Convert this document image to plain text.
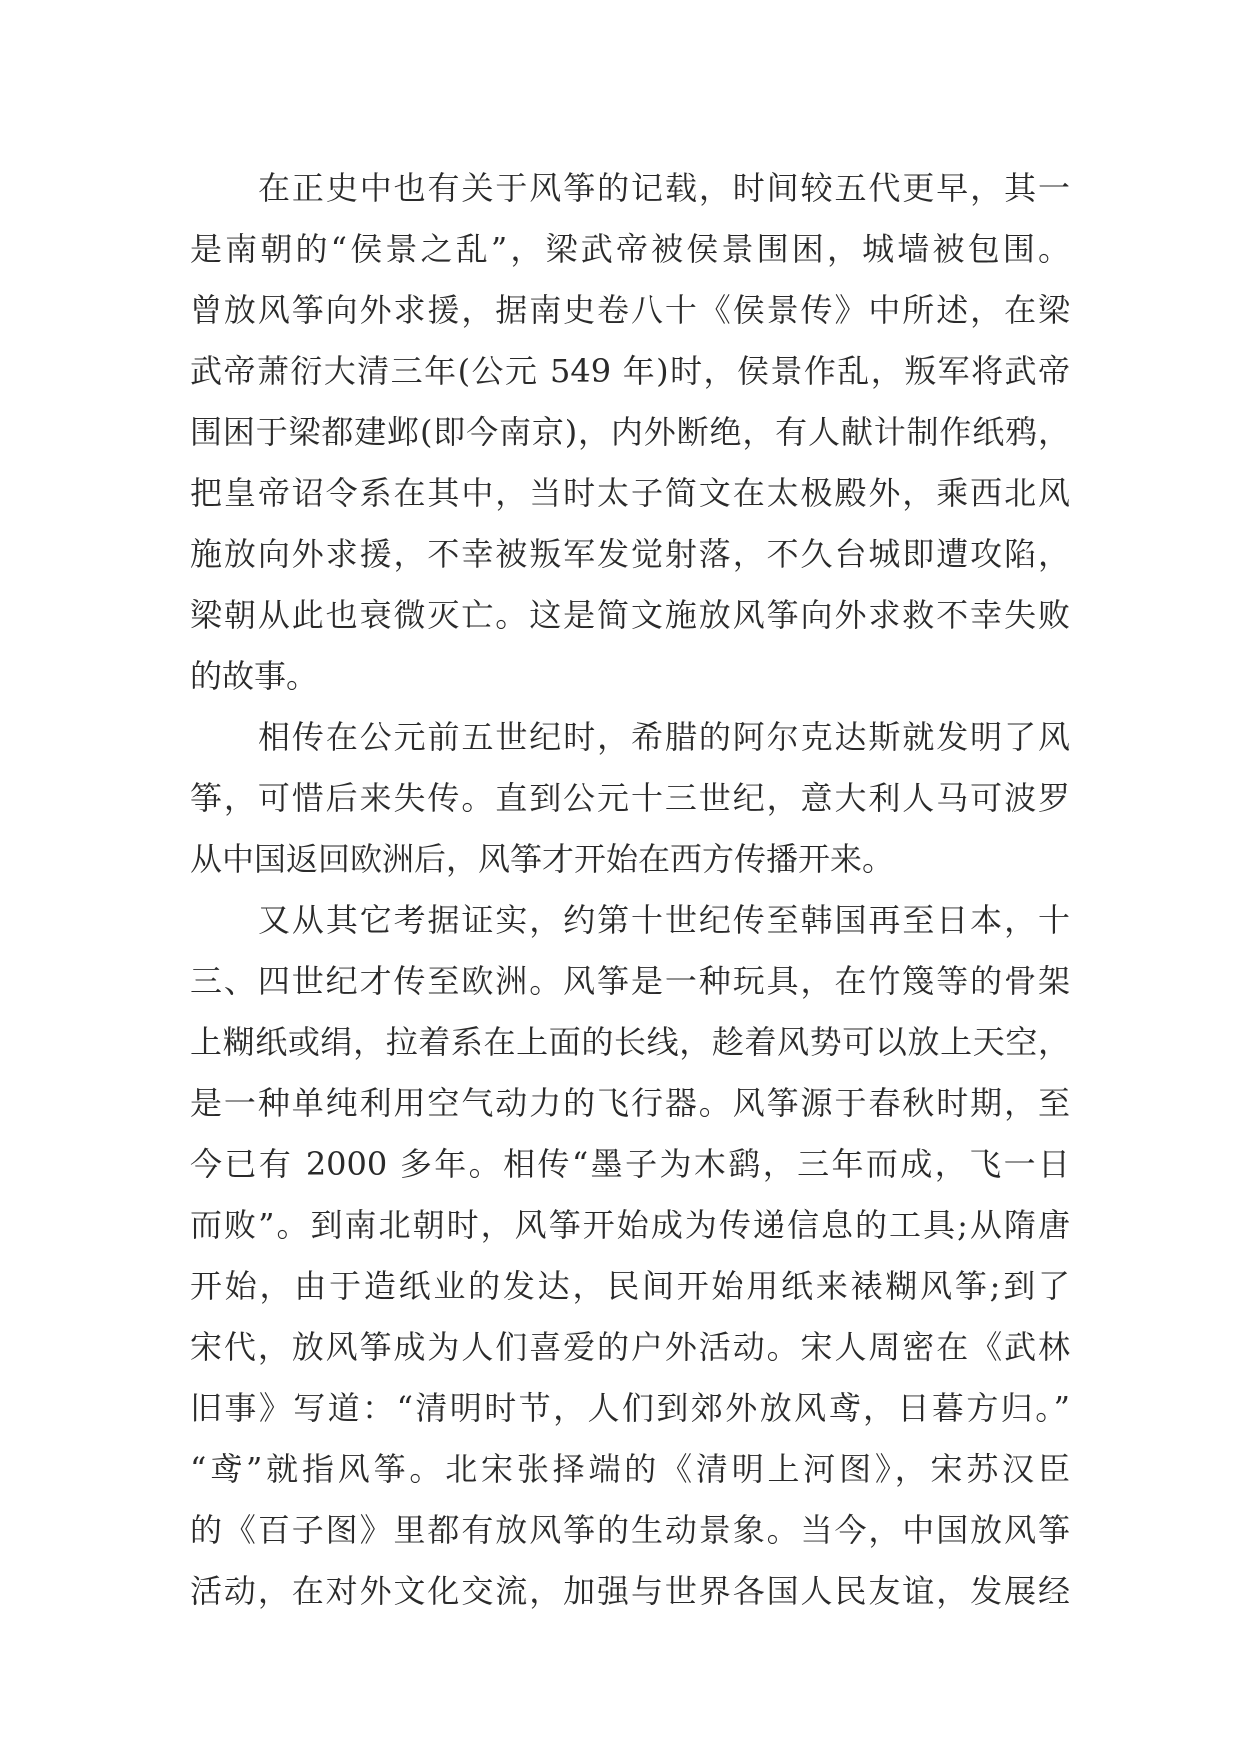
在正史中也有关于风筝的记载，时间较五代更早，其一
是南朝的“侯景之乱”，梁武帝被侯景围困，城墙被包围。
曾放风筝向外求援，据南史卷八十《侯景传》中所述，在梁
武帝萧衍大清三年(公元 549 年)时，侯景作乱，叛军将武帝
围困于梁都建邺(即今南京)，内外断绝，有人献计制作纸鸦，
把皇帝诏令系在其中，当时太子简文在太极殿外，乘西北风
施放向外求援，不幸被叛军发觉射落，不久台城即遭攻陷，
梁朝从此也衰微灭亡。这是简文施放风筝向外求救不幸失败
的故事。
相传在公元前五世纪时，希腊的阿尔克达斯就发明了风
筝，可惜后来失传。直到公元十三世纪，意大利人马可波罗
从中国返回欧洲后，风筝才开始在西方传播开来。
又从其它考据证实，约第十世纪传至韩国再至日本，十
三、四世纪才传至欧洲。风筝是一种玩具，在竹篾等的骨架
上糊纸或绢，拉着系在上面的长线，趁着风势可以放上天空，
是一种单纯利用空气动力的飞行器。风筝源于春秋时期，至
今已有 2000 多年。相传“墨子为木鹞，三年而成，飞一日
而败”。到南北朝时，风筝开始成为传递信息的工具;从隋唐
开始，由于造纸业的发达，民间开始用纸来裱糊风筝;到了
宋代，放风筝成为人们喜爱的户外活动。宋人周密在《武林
旧事》写道：“清明时节，人们到郊外放风鸢，日暮方归。”
“鸢”就指风筝。北宋张择端的《清明上河图》，宋苏汉臣
的《百子图》里都有放风筝的生动景象。当今，中国放风筝
活动，在对外文化交流，加强与世界各国人民友谊，发展经
